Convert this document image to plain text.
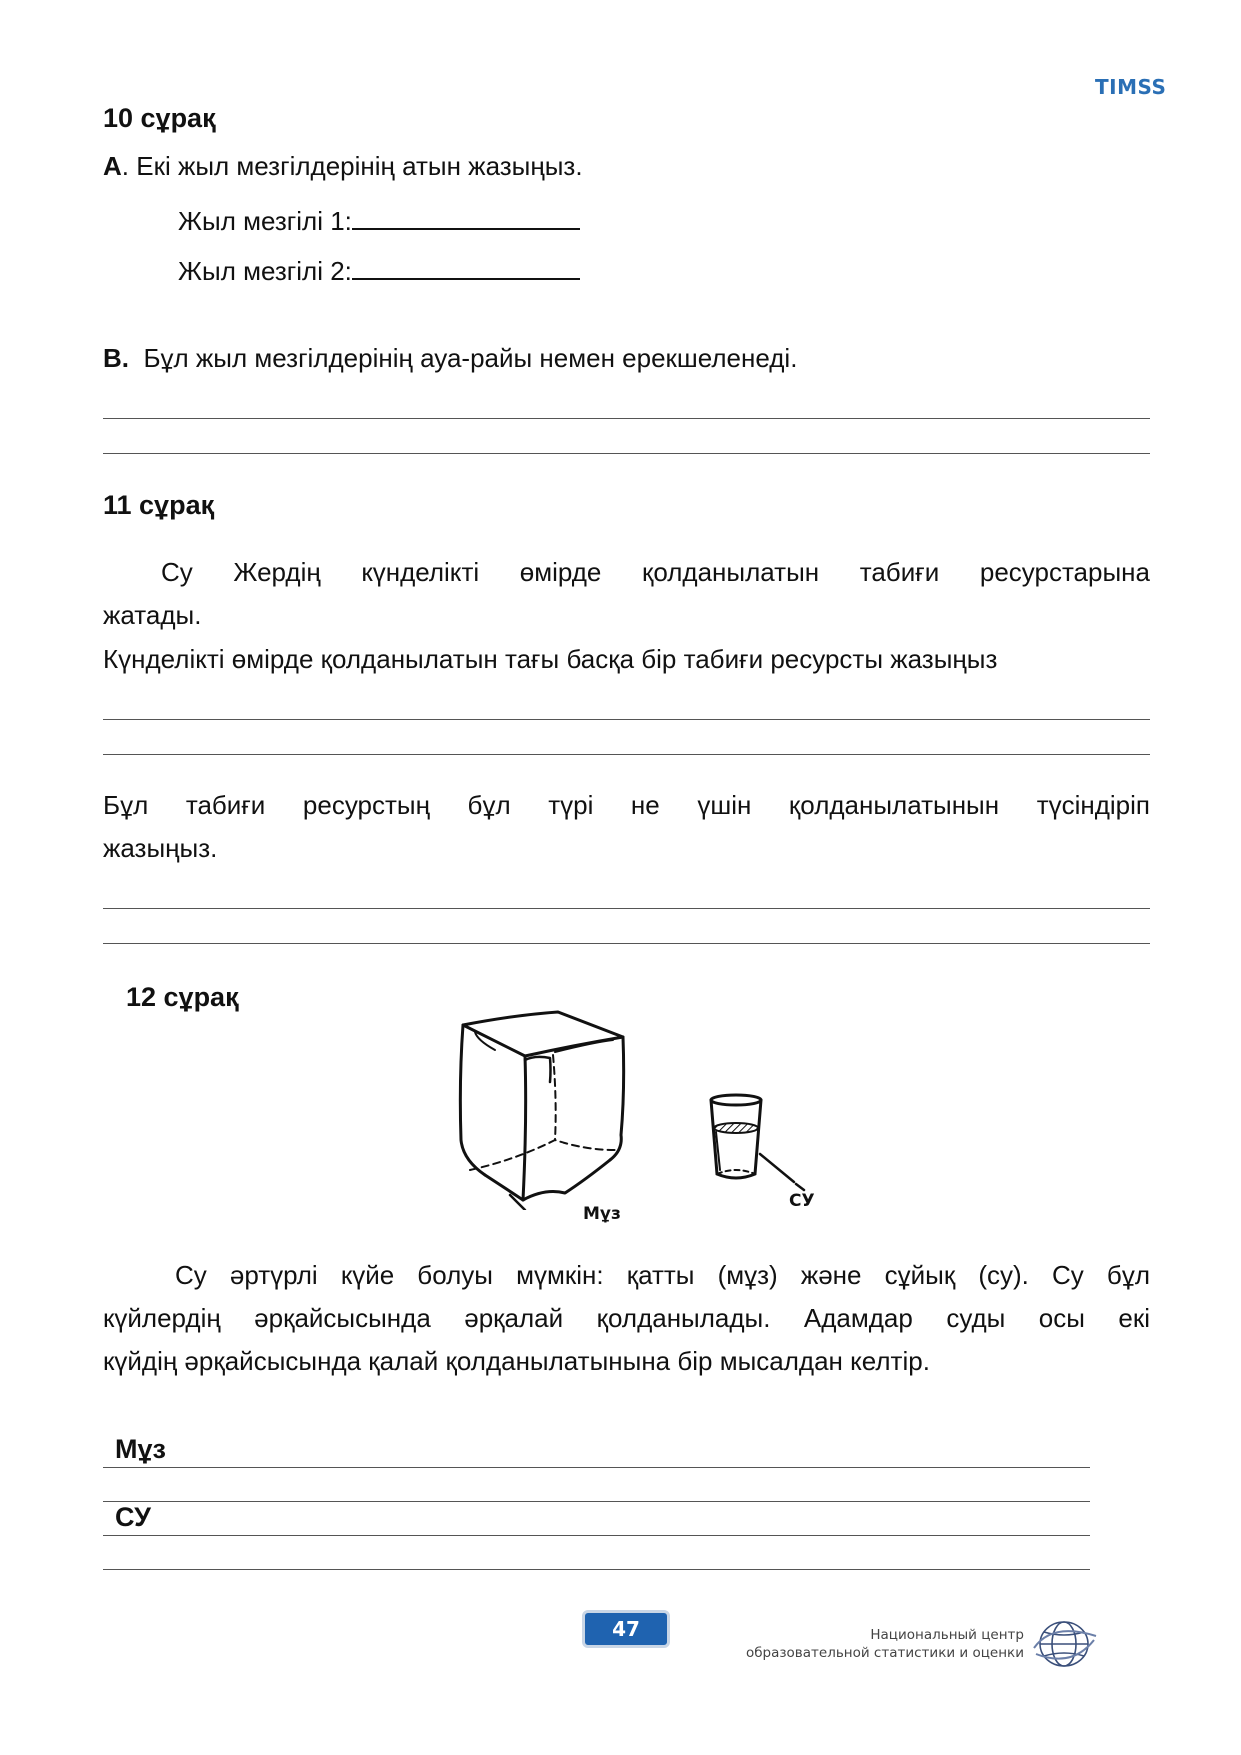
TIMSS
10 сұрақ
А. Екі жыл мезгілдерінің атын жазыңыз.
Жыл мезгілі 1:
Жыл мезгілі 2:
В. Бұл жыл мезгілдерінің ауа-райы немен ерекшеленеді.
11 сұрақ
Су Жердің күнделікті өмірде қолданылатын табиғи ресурстарына
жатады.
Күнделікті өмірде қолданылатын тағы басқа бір табиғи ресурсты жазыңыз
Бұл табиғи ресурстың бұл түрі не үшін қолданылатынын түсіндіріп
жазыңыз.
12 сұрақ
Мұз
СУ
Су әртүрлі күйе болуы мүмкін: қатты (мұз) және сұйық (су). Су бұл
күйлердің әрқайсысында әрқалай қолданылады. Адамдар суды осы екі
күйдің әрқайсысында қалай қолданылатынына бір мысалдан келтір.
Мұз
СУ
47	Национальный центр
образовательной статистики и оценки
